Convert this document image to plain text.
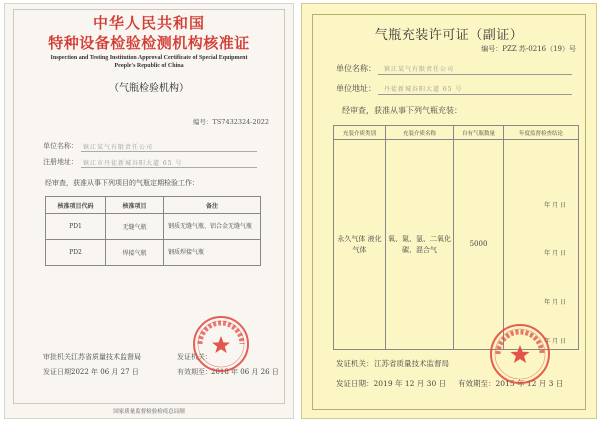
中华人民共和国
特种设备检验检测机构核准证
Inspection and Testing Institution Approval Certificate of Special Equipment
People's Republic of China
（气瓶检验机构）
编号：TS7432324-2022
单位名称： 镇江某气有限责任公司
注册地址： 镇江市丹徒新城谷阳大道 65 号
经审查，获准从事下列项目的气瓶定期检验工作：
核准项目代码	核准项目	备注
PD1	无缝气瓶	钢质无缝气瓶、铝合金无缝气瓶
PD2	焊接气瓶	钢质焊接气瓶
审批机关：
江苏省质量技术监督局	发证机关：
发证日期：
2022 年 06 月 27 日	有效期至： 2018 年 06 月 26 日
国家质量监督检验检疫总局制
气瓶充装许可证（副证）
编号：PZZ 苏-0216（19）号
单位名称： 镇江某气有限责任公司
单位地址： 丹徒新城谷阳大道 65 号
经审查，获准从事下列气瓶充装：
充装介质类别	充装介质名称	自有气瓶数量	年度监督检查结论
永久气体 液化气体	氧、氮、氩、二氧化碳、混合气	5000	年 月 日
年 月 日
年 月 日
年 月 日
发证机关： 江苏省质量技术监督局
发证日期：2019 年 12 月 30 日 有效期至：2015 年 12 月 3 日
